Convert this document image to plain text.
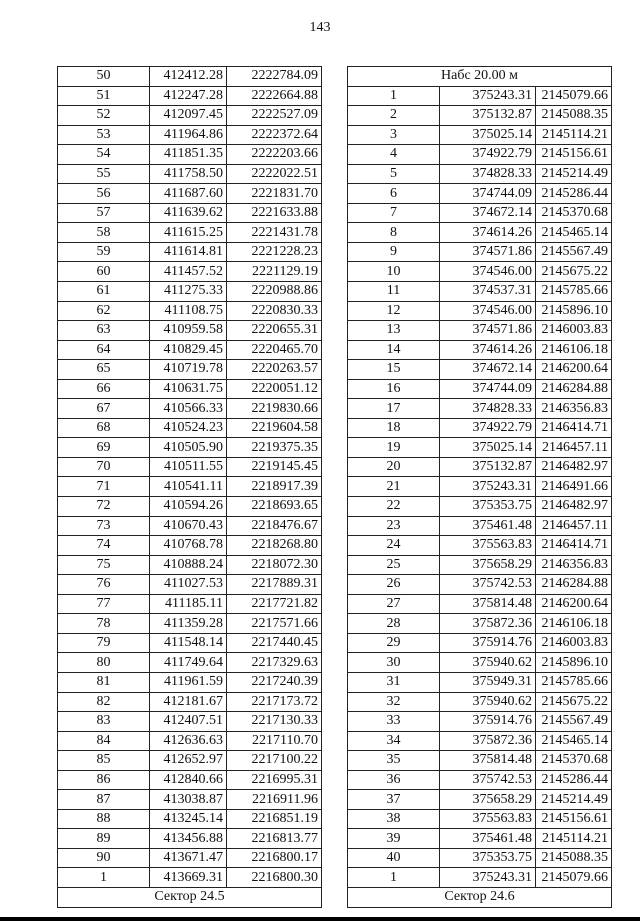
143
50	412412.28	2222784.09
51	412247.28	2222664.88
52	412097.45	2222527.09
53	411964.86	2222372.64
54	411851.35	2222203.66
55	411758.50	2222022.51
56	411687.60	2221831.70
57	411639.62	2221633.88
58	411615.25	2221431.78
59	411614.81	2221228.23
60	411457.52	2221129.19
61	411275.33	2220988.86
62	411108.75	2220830.33
63	410959.58	2220655.31
64	410829.45	2220465.70
65	410719.78	2220263.57
66	410631.75	2220051.12
67	410566.33	2219830.66
68	410524.23	2219604.58
69	410505.90	2219375.35
70	410511.55	2219145.45
71	410541.11	2218917.39
72	410594.26	2218693.65
73	410670.43	2218476.67
74	410768.78	2218268.80
75	410888.24	2218072.30
76	411027.53	2217889.31
77	411185.11	2217721.82
78	411359.28	2217571.66
79	411548.14	2217440.45
80	411749.64	2217329.63
81	411961.59	2217240.39
82	412181.67	2217173.72
83	412407.51	2217130.33
84	412636.63	2217110.70
85	412652.97	2217100.22
86	412840.66	2216995.31
87	413038.87	2216911.96
88	413245.14	2216851.19
89	413456.88	2216813.77
90	413671.47	2216800.17
1	413669.31	2216800.30
Сектор 24.5		
Набс 20.00 м		
1	375243.31	2145079.66
2	375132.87	2145088.35
3	375025.14	2145114.21
4	374922.79	2145156.61
5	374828.33	2145214.49
6	374744.09	2145286.44
7	374672.14	2145370.68
8	374614.26	2145465.14
9	374571.86	2145567.49
10	374546.00	2145675.22
11	374537.31	2145785.66
12	374546.00	2145896.10
13	374571.86	2146003.83
14	374614.26	2146106.18
15	374672.14	2146200.64
16	374744.09	2146284.88
17	374828.33	2146356.83
18	374922.79	2146414.71
19	375025.14	2146457.11
20	375132.87	2146482.97
21	375243.31	2146491.66
22	375353.75	2146482.97
23	375461.48	2146457.11
24	375563.83	2146414.71
25	375658.29	2146356.83
26	375742.53	2146284.88
27	375814.48	2146200.64
28	375872.36	2146106.18
29	375914.76	2146003.83
30	375940.62	2145896.10
31	375949.31	2145785.66
32	375940.62	2145675.22
33	375914.76	2145567.49
34	375872.36	2145465.14
35	375814.48	2145370.68
36	375742.53	2145286.44
37	375658.29	2145214.49
38	375563.83	2145156.61
39	375461.48	2145114.21
40	375353.75	2145088.35
1	375243.31	2145079.66
Сектор 24.6		
